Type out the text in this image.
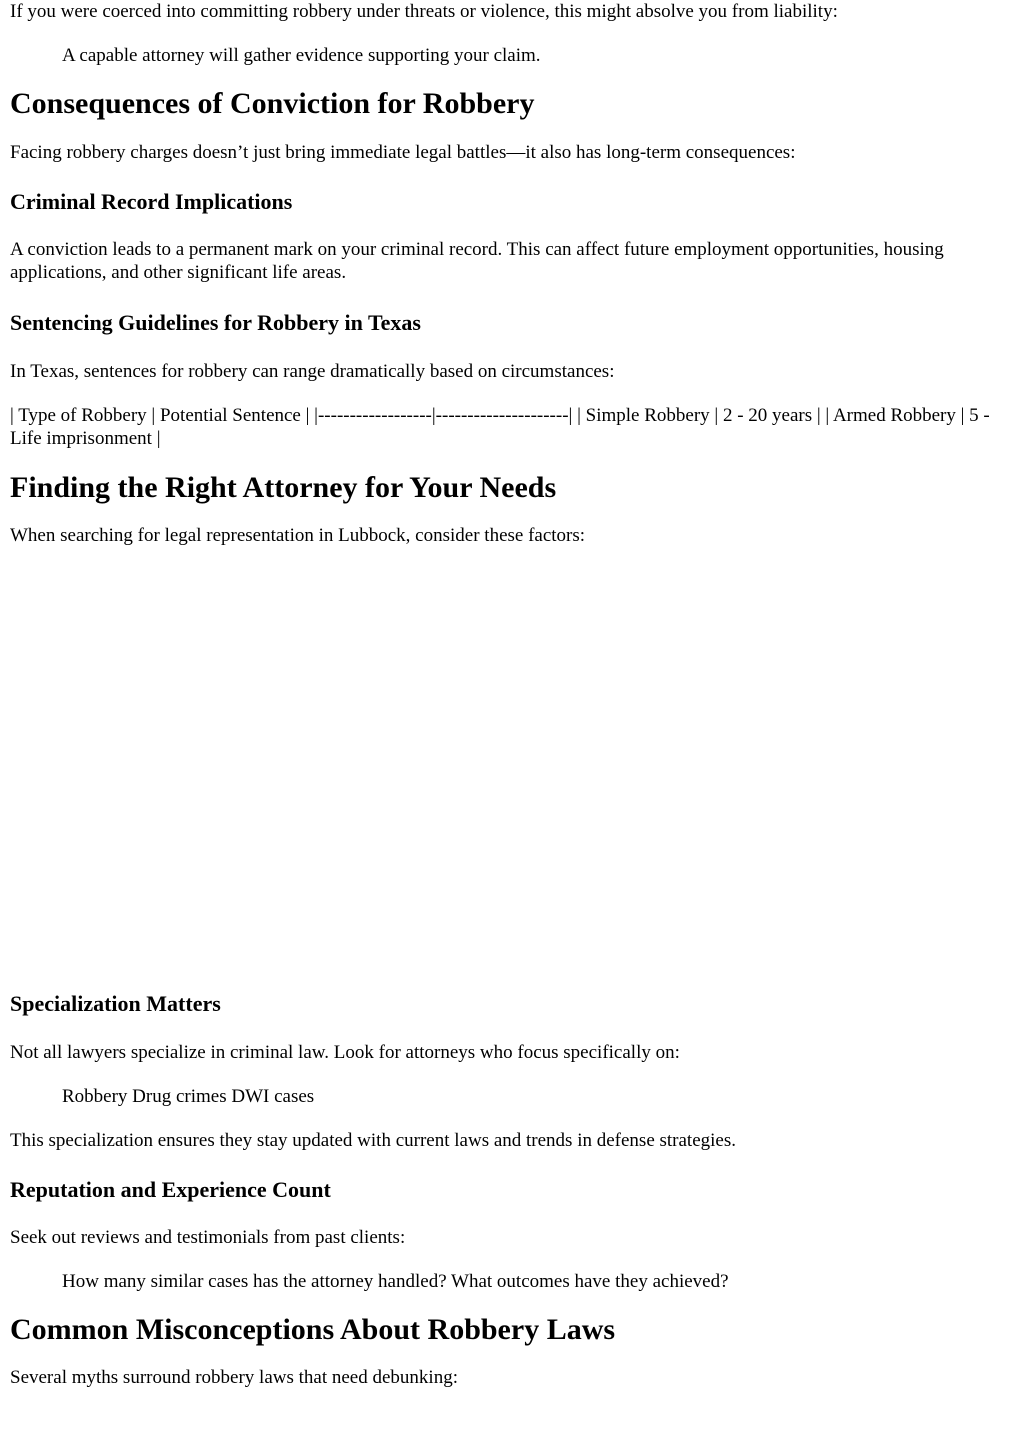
If you were coerced into committing robbery under threats or violence, this might absolve you from liability:

A capable attorney will gather evidence supporting your claim.
Consequences of Conviction for Robbery

Facing robbery charges doesn’t just bring immediate legal battles—it also has long-term consequences:

Criminal Record Implications

A conviction leads to a permanent mark on your criminal record. This can affect future employment opportunities, housing applications, and other significant life areas.

Sentencing Guidelines for Robbery in Texas

In Texas, sentences for robbery can range dramatically based on circumstances:

| Type of Robbery | Potential Sentence | |------------------|---------------------| | Simple Robbery | 2 - 20 years | | Armed Robbery | 5 - Life imprisonment |

Finding the Right Attorney for Your Needs

When searching for legal representation in Lubbock, consider these factors:

Specialization Matters

Not all lawyers specialize in criminal law. Look for attorneys who focus specifically on:

Robbery Drug crimes DWI cases

This specialization ensures they stay updated with current laws and trends in defense strategies.

Reputation and Experience Count

Seek out reviews and testimonials from past clients:

How many similar cases has the attorney handled? What outcomes have they achieved?
Common Misconceptions About Robbery Laws

Several myths surround robbery laws that need debunking:
